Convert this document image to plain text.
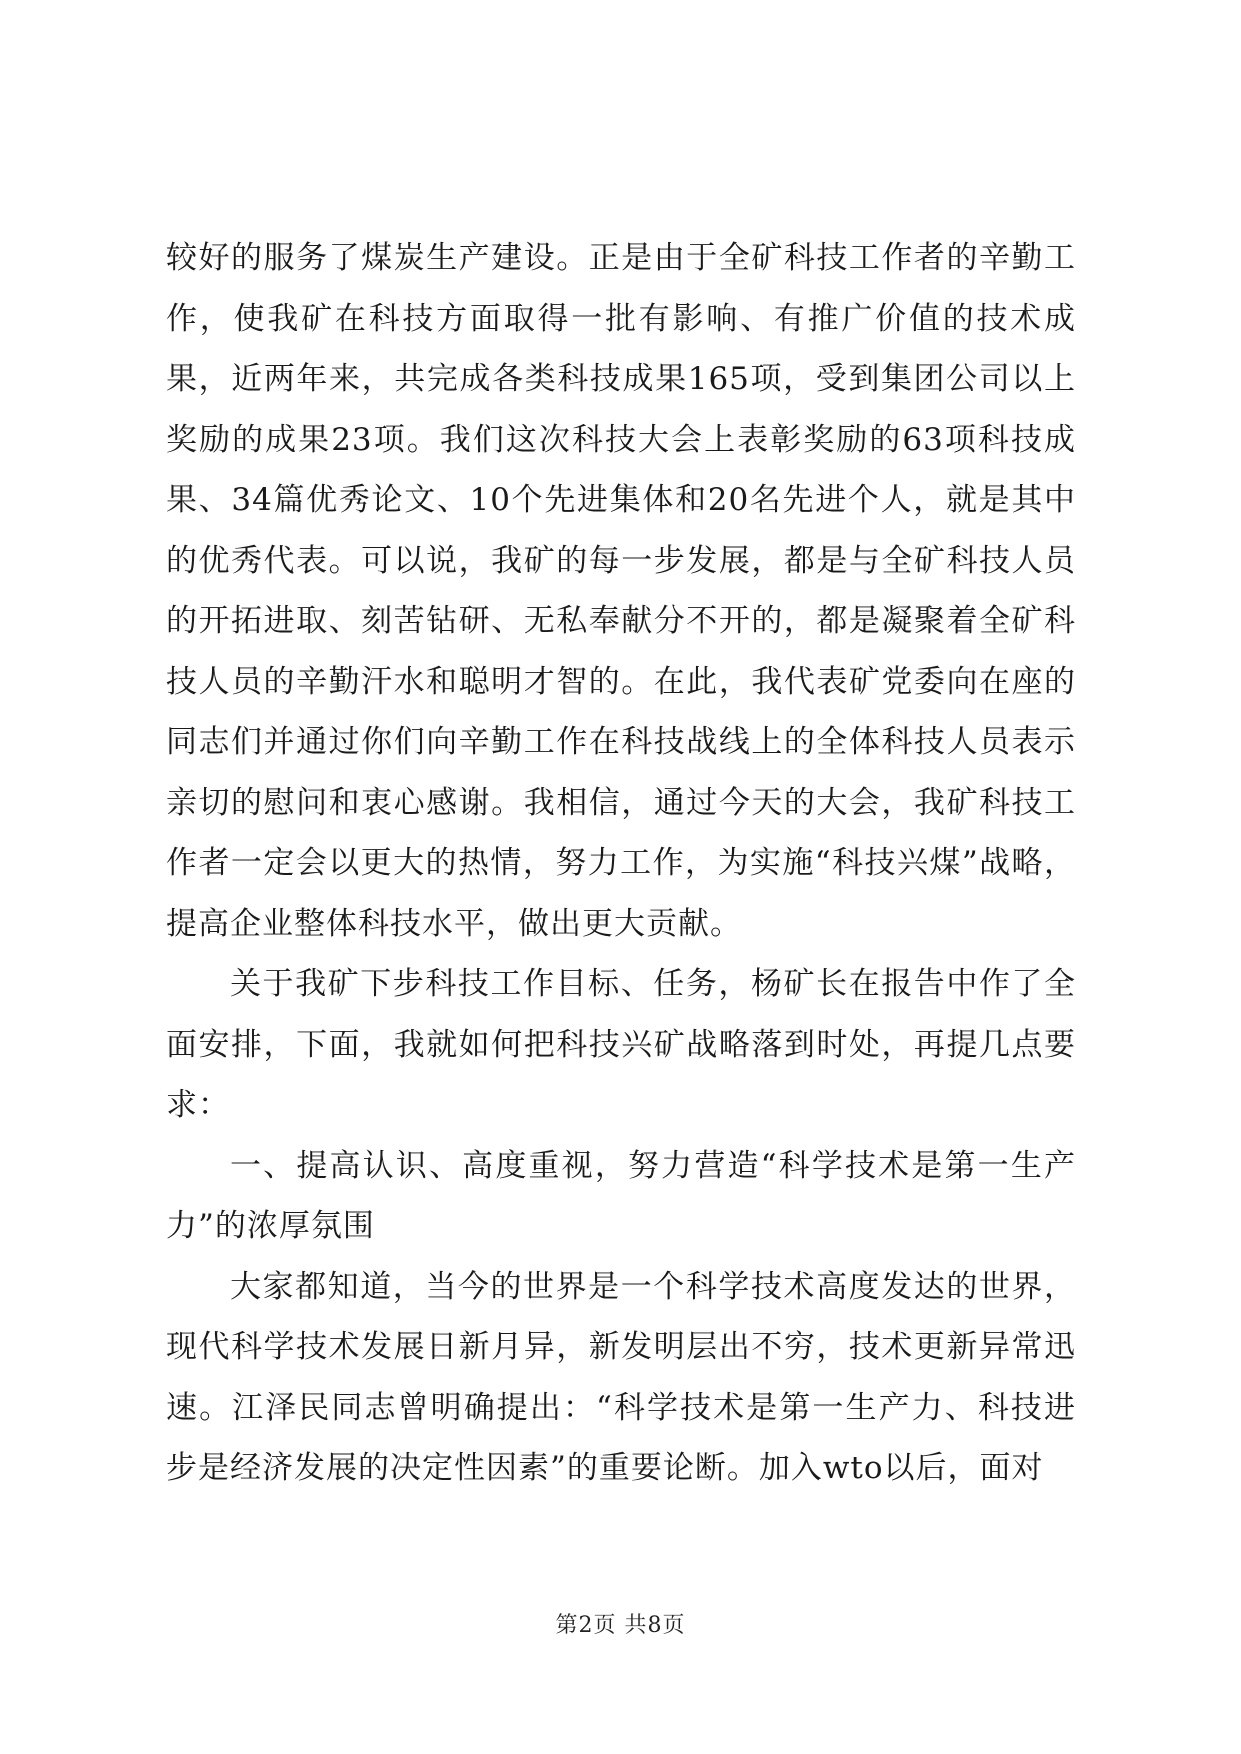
较好的服务了煤炭生产建设。正是由于全矿科技工作者的辛勤工作，使我矿在科技方面取得一批有影响、有推广价值的技术成果，近两年来，共完成各类科技成果165项，受到集团公司以上奖励的成果23项。我们这次科技大会上表彰奖励的63项科技成果、34篇优秀论文、10个先进集体和20名先进个人，就是其中的优秀代表。可以说，我矿的每一步发展，都是与全矿科技人员的开拓进取、刻苦钻研、无私奉献分不开的，都是凝聚着全矿科技人员的辛勤汗水和聪明才智的。在此，我代表矿党委向在座的同志们并通过你们向辛勤工作在科技战线上的全体科技人员表示亲切的慰问和衷心感谢。我相信，通过今天的大会，我矿科技工作者一定会以更大的热情，努力工作，为实施“科技兴煤”战略，提高企业整体科技水平，做出更大贡献。

关于我矿下步科技工作目标、任务，杨矿长在报告中作了全面安排，下面，我就如何把科技兴矿战略落到时处，再提几点要求：

一、提高认识、高度重视，努力营造“科学技术是第一生产力”的浓厚氛围

大家都知道，当今的世界是一个科学技术高度发达的世界，现代科学技术发展日新月异，新发明层出不穷，技术更新异常迅速。江泽民同志曾明确提出：“科学技术是第一生产力、科技进步是经济发展的决定性因素”的重要论断。加入wto以后，面对

第2页 共8页
